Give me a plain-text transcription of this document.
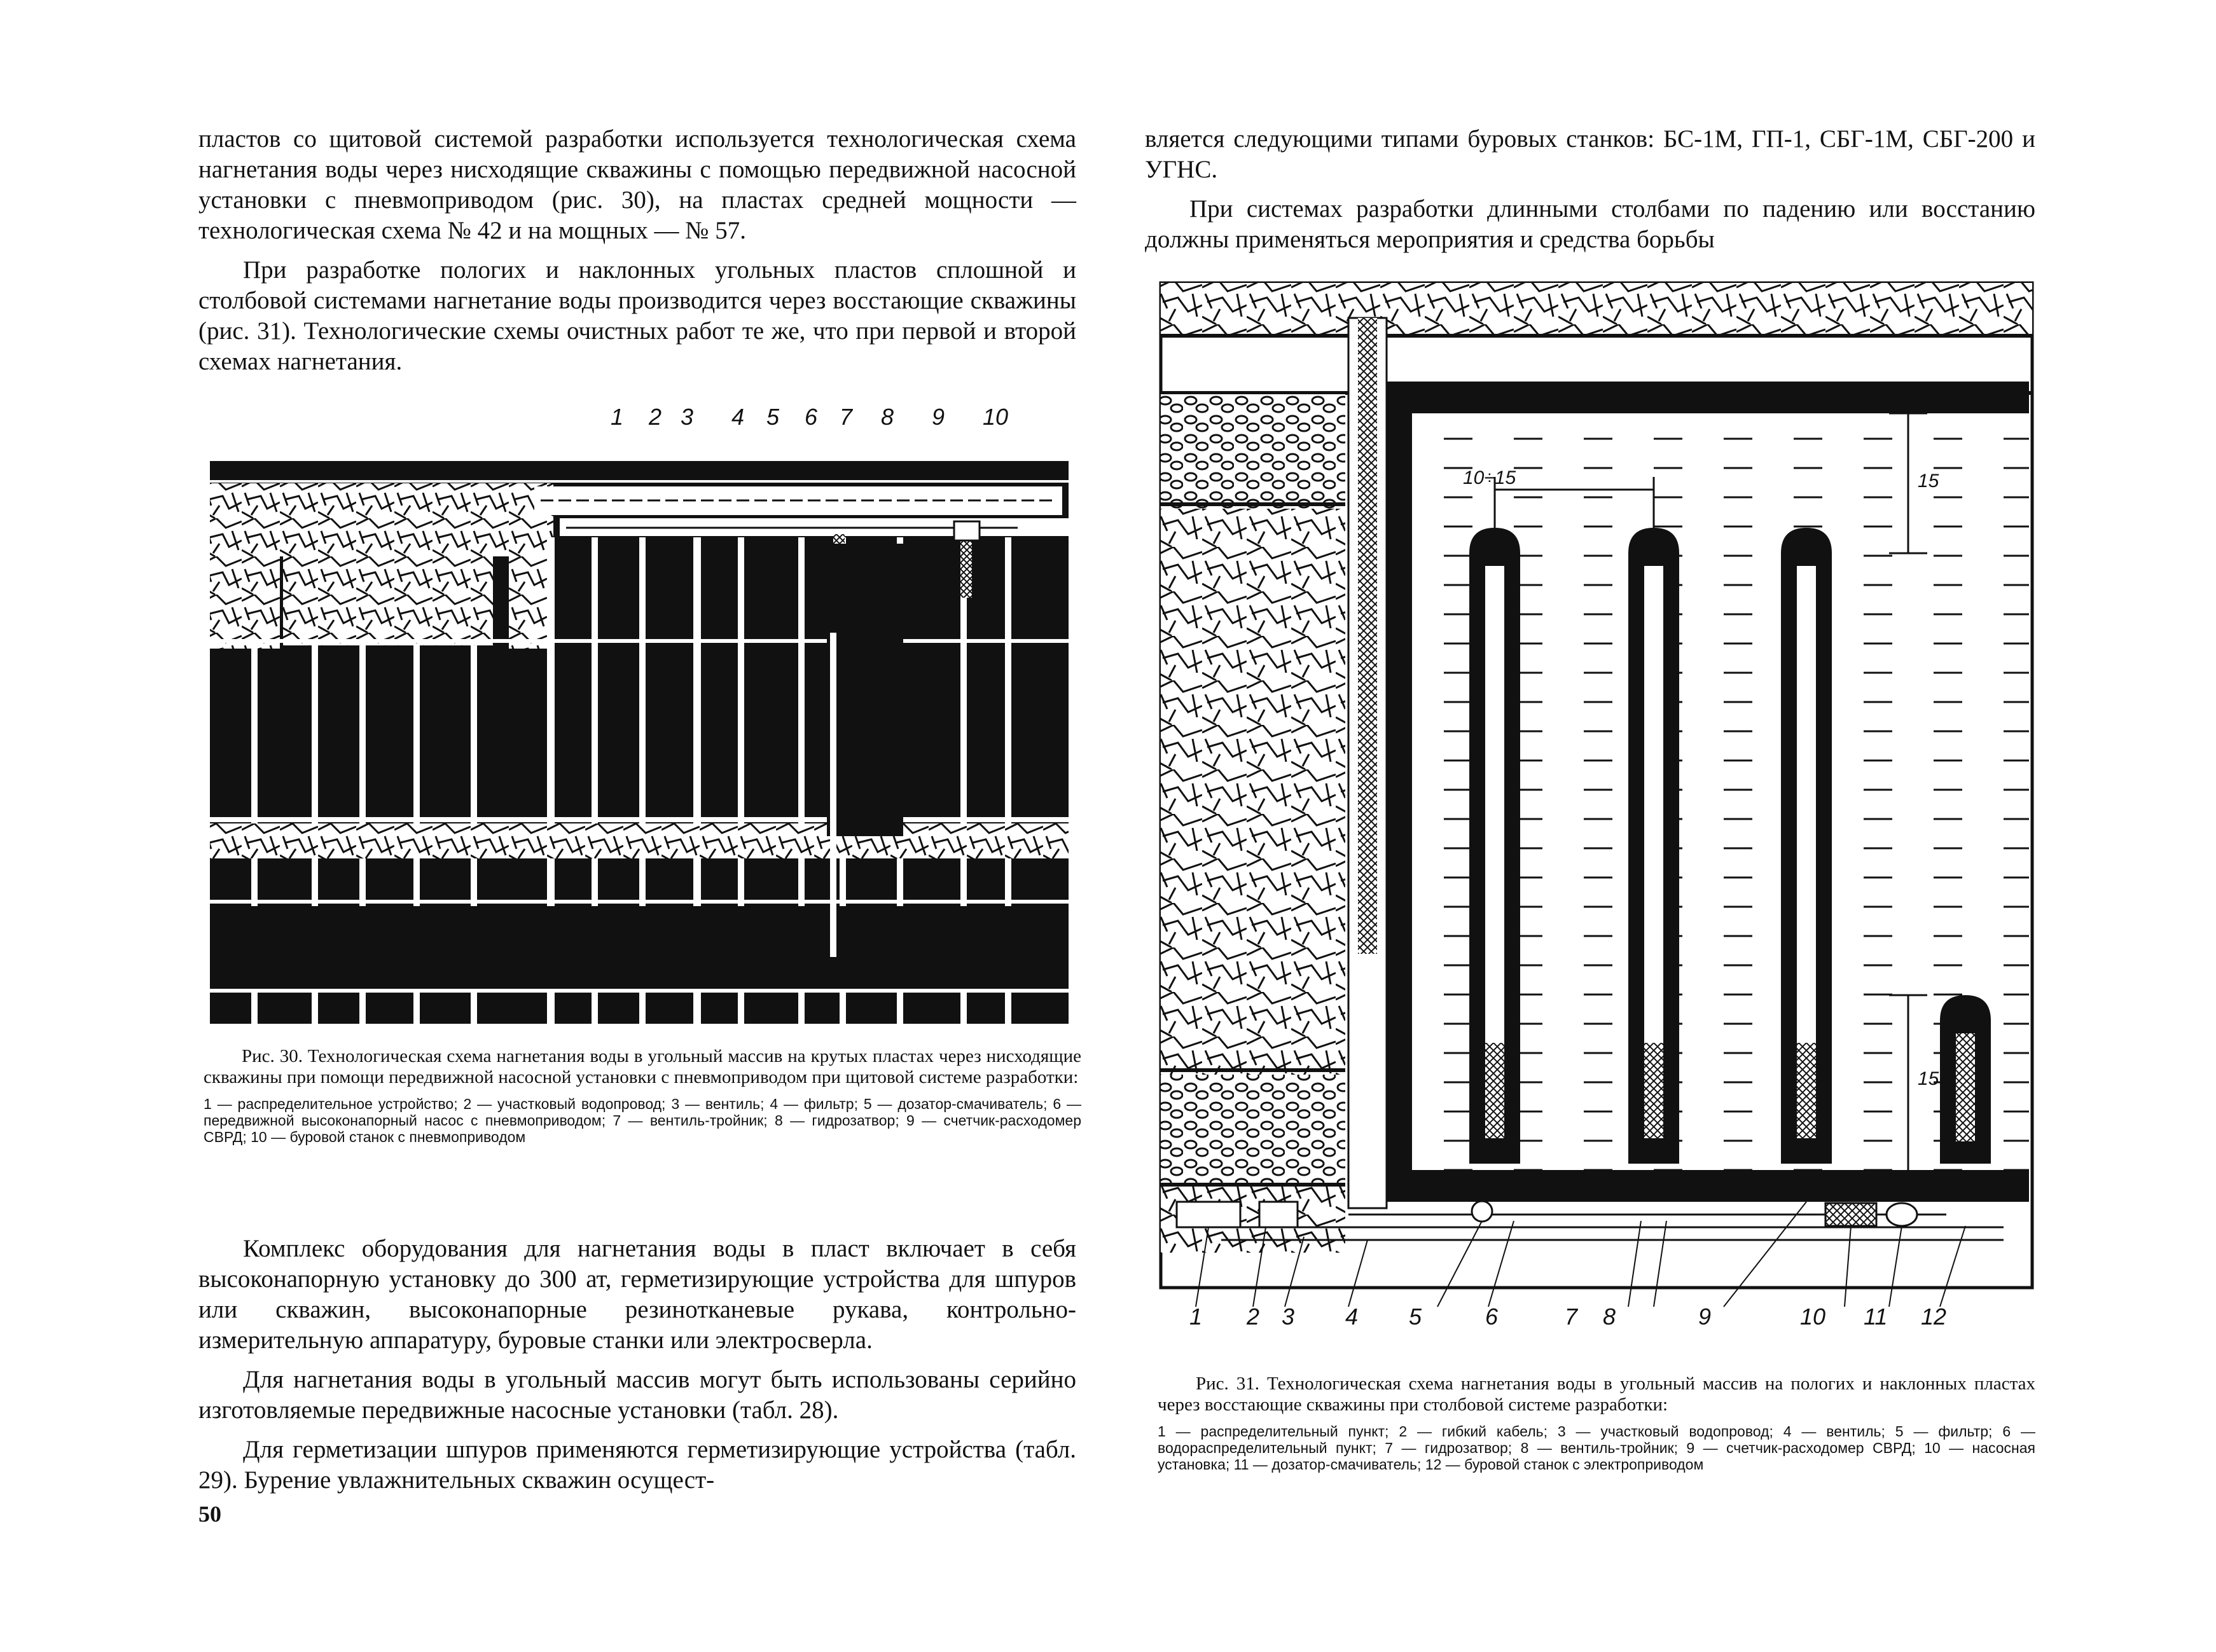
пластов со щитовой системой разработки используется технологическая схема нагнетания воды через нисходящие скважины с помощью передвижной насосной установки с пневмоприводом (рис. 30), на пластах средней мощности — технологическая схема № 42 и на мощных — № 57.

При разработке пологих и наклонных угольных пластов сплошной и столбовой системами нагнетание воды производится через восстающие скважины (рис. 31). Технологические схемы очистных работ те же, что при первой и второй схемах нагнетания.

1 2 3 4 5 6 7 8 9 10
Рис. 30. Технологическая схема нагнетания воды в угольный массив на крутых пластах через нисходящие скважины при помощи передвижной насосной установки с пневмоприводом при щитовой системе разработки:
1 — распределительное устройство; 2 — участковый водопровод; 3 — вентиль; 4 — фильтр; 5 — дозатор-смачиватель; 6 — передвижной высоконапорный насос с пневмоприводом; 7 — вентиль-тройник; 8 — гидрозатвор; 9 — счетчик-расходомер СВРД; 10 — буровой станок с пневмоприводом

Комплекс оборудования для нагнетания воды в пласт включает в себя высоконапорную установку до 300 ат, герметизирующие устройства для шпуров или скважин, высоконапорные резинотканевые рукава, контрольно-измерительную аппаратуру, буровые станки или электросверла.

Для нагнетания воды в угольный массив могут быть использованы серийно изготовляемые передвижные насосные установки (табл. 28).

Для герметизации шпуров применяются герметизирующие устройства (табл. 29). Бурение увлажнительных скважин осущест-

50

вляется следующими типами буровых станков: БС-1М, ГП-1, СБГ-1М, СБГ-200 и УГНС.

При системах разработки длинными столбами по падению или восстанию должны применяться мероприятия и средства борьбы

10÷15	15
15
1 2 3 4 5	6	7 8	9	10 11 12
Рис. 31. Технологическая схема нагнетания воды в угольный массив на пологих и наклонных пластах через восстающие скважины при столбовой системе разработки:
1 — распределительный пункт; 2 — гибкий кабель; 3 — участковый водопровод; 4 — вентиль; 5 — фильтр; 6 — водораспределительный пункт; 7 — гидрозатвор; 8 — вентиль-тройник; 9 — счетчик-расходомер СВРД; 10 — насосная установка; 11 — дозатор-смачиватель; 12 — буровой станок с электроприводом
